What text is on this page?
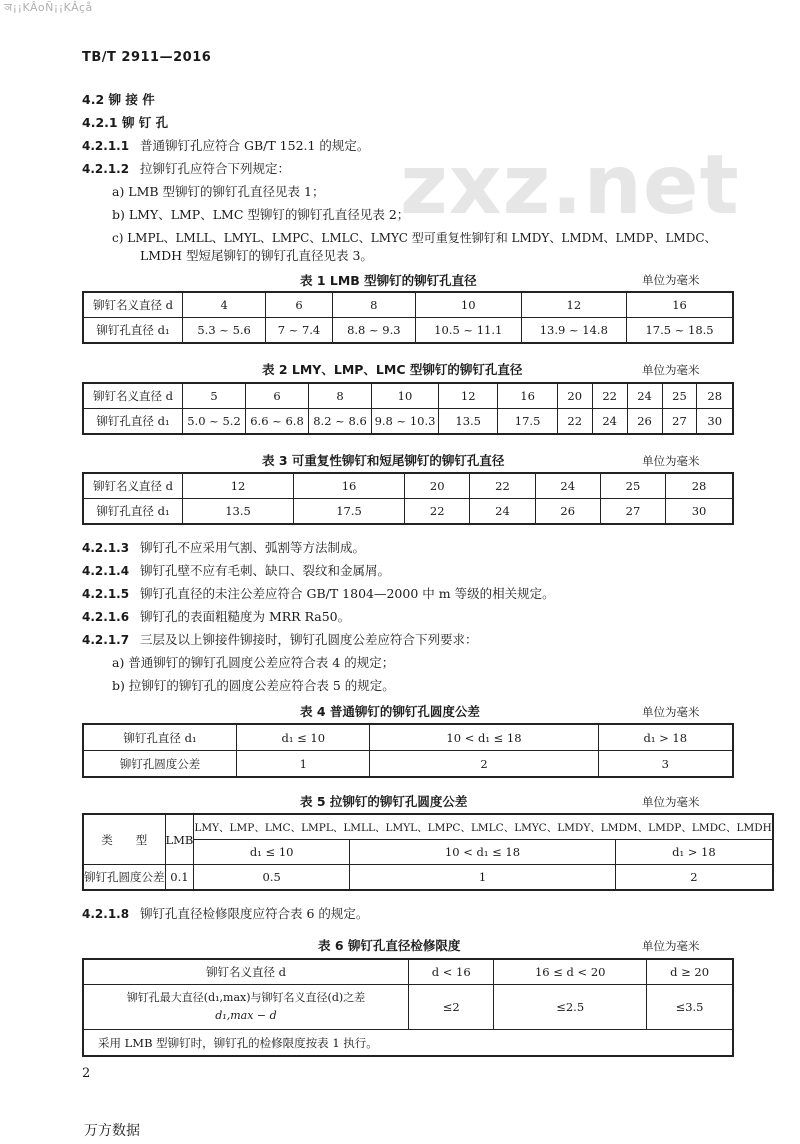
ञ¡¡KÂoÑ¡¡KÂçå
TB/T 2911—2016
zxz.net
4.2 铆 接 件
4.2.1 铆 钉 孔
4.2.1.1 普通铆钉孔应符合 GB/T 152.1 的规定。
4.2.1.2 拉铆钉孔应符合下列规定：
a) LMB 型铆钉的铆钉孔直径见表 1；
b) LMY、LMP、LMC 型铆钉的铆钉孔直径见表 2；
c) LMPL、LMLL、LMYL、LMPC、LMLC、LMYC 型可重复性铆钉和 LMDY、LMDM、LMDP、LMDC、
LMDH 型短尾铆钉的铆钉孔直径见表 3。
表 1 LMB 型铆钉的铆钉孔直径	单位为毫米
铆钉名义直径 d	4	6	8	10	12	16
铆钉孔直径 d₁	5.3 ~ 5.6	7 ~ 7.4	8.8 ~ 9.3	10.5 ~ 11.1	13.9 ~ 14.8	17.5 ~ 18.5
表 2 LMY、LMP、LMC 型铆钉的铆钉孔直径	单位为毫米
铆钉名义直径 d	5	6	8	10	12	16	20	22	24	25	28
铆钉孔直径 d₁	5.0 ~ 5.2	6.6 ~ 6.8	8.2 ~ 8.6	9.8 ~ 10.3	13.5	17.5	22	24	26	27	30
表 3 可重复性铆钉和短尾铆钉的铆钉孔直径	单位为毫米
铆钉名义直径 d	12	16	20	22	24	25	28
铆钉孔直径 d₁	13.5	17.5	22	24	26	27	30
4.2.1.3 铆钉孔不应采用气割、弧割等方法制成。
4.2.1.4 铆钉孔壁不应有毛刺、缺口、裂纹和金属屑。
4.2.1.5 铆钉孔直径的未注公差应符合 GB/T 1804—2000 中 m 等级的相关规定。
4.2.1.6 铆钉孔的表面粗糙度为 MRR Ra50。
4.2.1.7 三层及以上铆接件铆接时，铆钉孔圆度公差应符合下列要求：
a) 普通铆钉的铆钉孔圆度公差应符合表 4 的规定；
b) 拉铆钉的铆钉孔的圆度公差应符合表 5 的规定。
表 4 普通铆钉的铆钉孔圆度公差	单位为毫米
铆钉孔直径 d₁	d₁ ≤ 10	10 < d₁ ≤ 18	d₁ > 18
铆钉孔圆度公差	1	2	3
表 5 拉铆钉的铆钉孔圆度公差	单位为毫米
类　　型	LMB	LMY、LMP、LMC、LMPL、LMLL、LMYL、LMPC、LMLC、LMYC、LMDY、LMDM、LMDP、LMDC、LMDH		
		d₁ ≤ 10	10 < d₁ ≤ 18	d₁ > 18
铆钉孔圆度公差	0.1	0.5	1	2
4.2.1.8 铆钉孔直径检修限度应符合表 6 的规定。
表 6 铆钉孔直径检修限度	单位为毫米
铆钉名义直径 d	d < 16	16 ≤ d < 20	d ≥ 20

铆钉孔最大直径(d₁,max)与铆钉名义直径(d)之差
d₁,max − d	≤2	≤2.5	≤3.5
采用 LMB 型铆钉时，铆钉孔的检修限度按表 1 执行。			
2
万方数据
